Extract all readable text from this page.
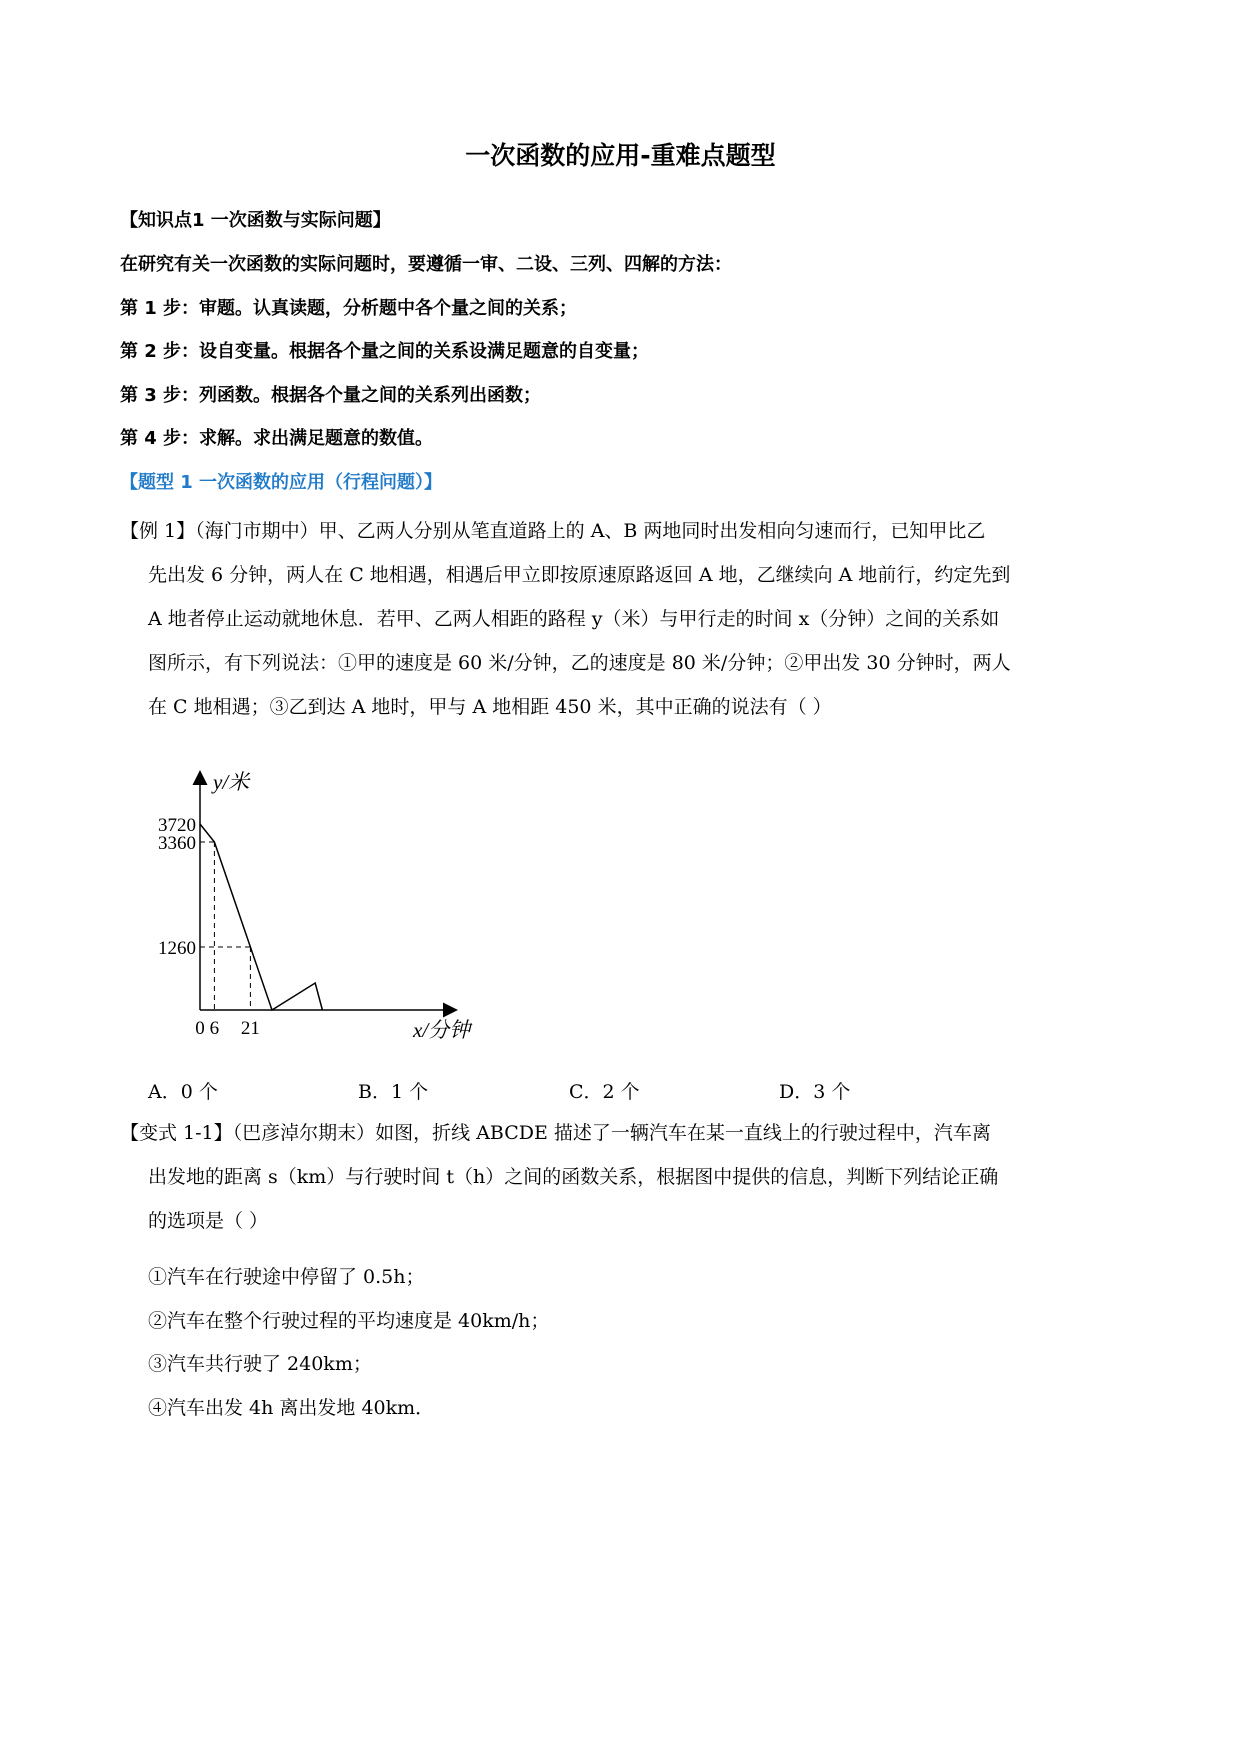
一次函数的应用-重难点题型
【知识点1 一次函数与实际问题】
在研究有关一次函数的实际问题时，要遵循一审、二设、三列、四解的方法：
第 1 步：审题。认真读题，分析题中各个量之间的关系；
第 2 步：设自变量。根据各个量之间的关系设满足题意的自变量；
第 3 步：列函数。根据各个量之间的关系列出函数；
第 4 步：求解。求出满足题意的数值。
【题型 1 一次函数的应用（行程问题）】

【例 1】（海门市期中）甲、乙两人分别从笔直道路上的 A、B 两地同时出发相向匀速而行，已知甲比乙

先出发 6 分钟，两人在 C 地相遇，相遇后甲立即按原速原路返回 A 地，乙继续向 A 地前行，约定先到

A 地者停止运动就地休息．若甲、乙两人相距的路程 y（米）与甲行走的时间 x（分钟）之间的关系如

图所示，有下列说法：①甲的速度是 60 米/分钟，乙的速度是 80 米/分钟；②甲出发 30 分钟时，两人

在 C 地相遇；③乙到达 A 地时，甲与 A 地相距 450 米，其中正确的说法有（ ）

3720
3360
1260
0 6 21
y/米
x/分钟
A．0 个	B．1 个	C．2 个	D．3 个

【变式 1-1】（巴彦淖尔期末）如图，折线 ABCDE 描述了一辆汽车在某一直线上的行驶过程中，汽车离

出发地的距离 s（km）与行驶时间 t（h）之间的函数关系，根据图中提供的信息，判断下列结论正确

的选项是（ ）

①汽车在行驶途中停留了 0.5h；
②汽车在整个行驶过程的平均速度是 40km/h；
③汽车共行驶了 240km；
④汽车出发 4h 离出发地 40km．
